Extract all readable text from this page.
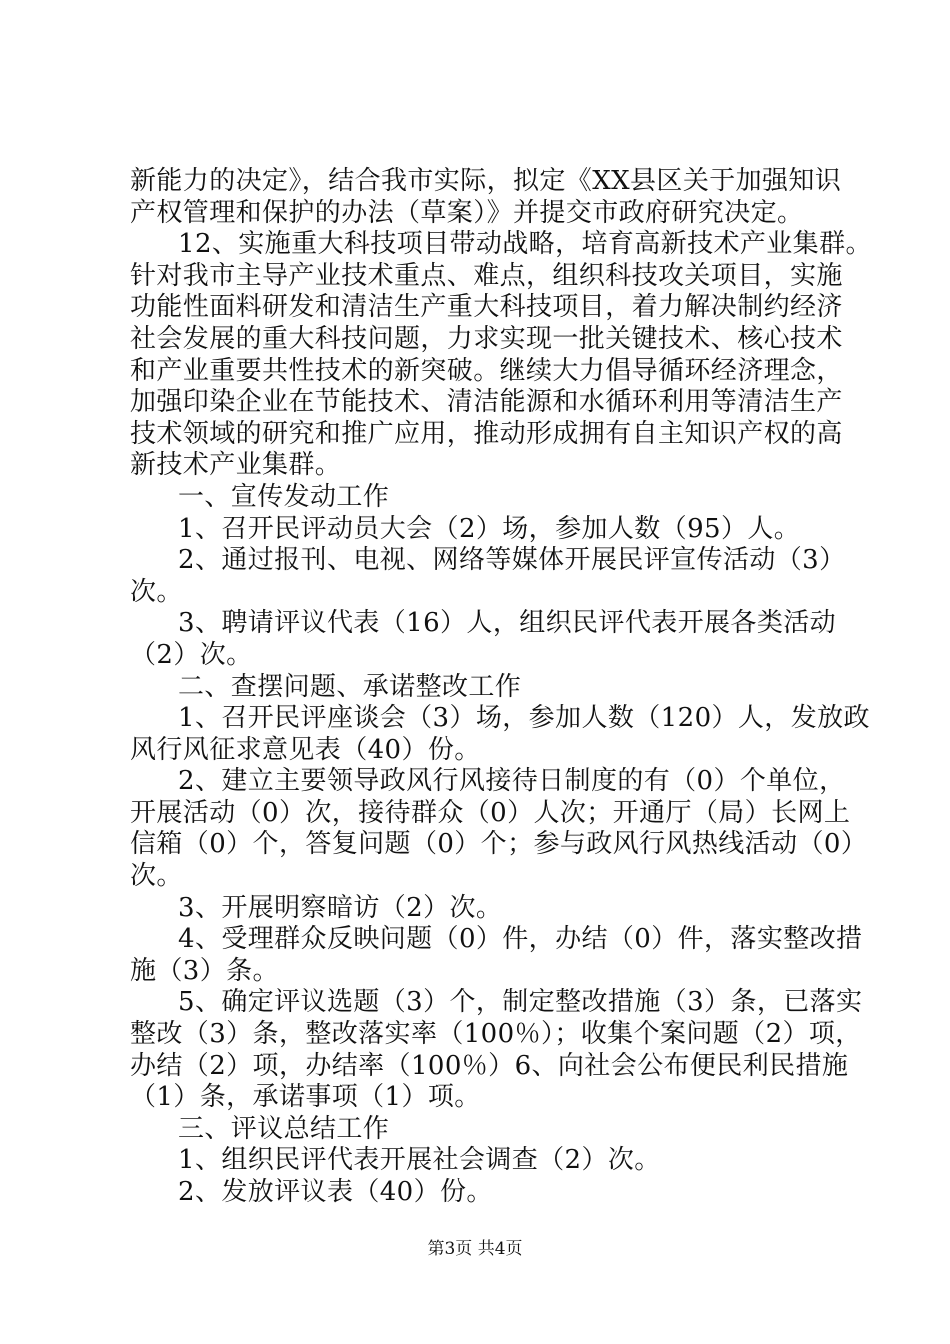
新能力的决定》，结合我市实际，拟定《XX县区关于加强知识
产权管理和保护的办法（草案）》并提交市政府研究决定。
12、实施重大科技项目带动战略，培育高新技术产业集群。
针对我市主导产业技术重点、难点，组织科技攻关项目，实施
功能性面料研发和清洁生产重大科技项目，着力解决制约经济
社会发展的重大科技问题，力求实现一批关键技术、核心技术
和产业重要共性技术的新突破。继续大力倡导循环经济理念，
加强印染企业在节能技术、清洁能源和水循环利用等清洁生产
技术领域的研究和推广应用，推动形成拥有自主知识产权的高
新技术产业集群。
一、宣传发动工作
1、召开民评动员大会（2）场，参加人数（95）人。
2、通过报刊、电视、网络等媒体开展民评宣传活动（3）
次。
3、聘请评议代表（16）人，组织民评代表开展各类活动
（2）次。
二、查摆问题、承诺整改工作
1、召开民评座谈会（3）场，参加人数（120）人，发放政
风行风征求意见表（40）份。
2、建立主要领导政风行风接待日制度的有（0）个单位，
开展活动（0）次，接待群众（0）人次；开通厅（局）长网上
信箱（0）个，答复问题（0）个；参与政风行风热线活动（0）
次。
3、开展明察暗访（2）次。
4、受理群众反映问题（0）件，办结（0）件，落实整改措
施（3）条。
5、确定评议选题（3）个，制定整改措施（3）条，已落实
整改（3）条，整改落实率（100％）；收集个案问题（2）项，
办结（2）项，办结率（100％）6、向社会公布便民利民措施
（1）条，承诺事项（1）项。
三、评议总结工作
1、组织民评代表开展社会调查（2）次。
2、发放评议表（40）份。
第3页 共4页
